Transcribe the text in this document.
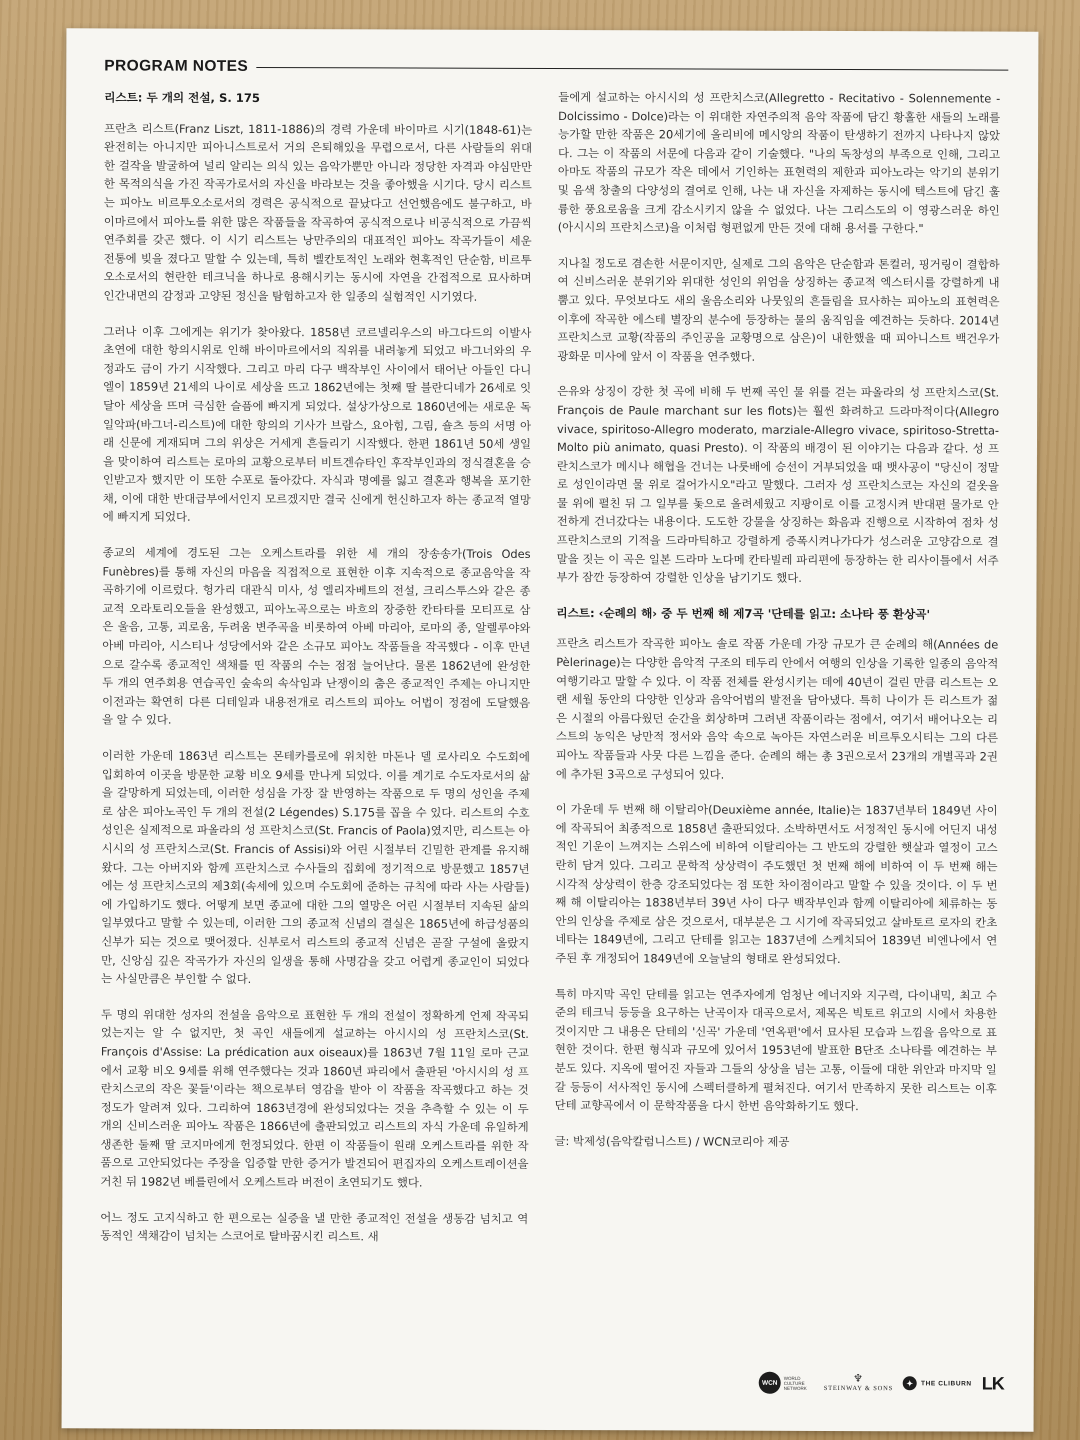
PROGRAM NOTES
리스트: 두 개의 전설, S. 175

프란츠 리스트(Franz Liszt, 1811-1886)의 경력 가운데 바이마르 시기(1848-61)는 완전히는 아니지만 피아니스트로서 거의 은퇴해있을 무렵으로서, 다른 사람들의 위대한 걸작을 발굴하여 널리 알리는 의식 있는 음악가뿐만 아니라 정당한 자격과 야심만만한 목적의식을 가진 작곡가로서의 자신을 바라보는 것을 좋아했을 시기다. 당시 리스트는 피아노 비르투오소로서의 경력은 공식적으로 끝났다고 선언했음에도 불구하고, 바이마르에서 피아노를 위한 많은 작품들을 작곡하여 공식적으로나 비공식적으로 가끔씩 연주회를 갖곤 했다. 이 시기 리스트는 낭만주의의 대표적인 피아노 작곡가들이 세운 전통에 빚을 졌다고 말할 수 있는데, 특히 벨칸토적인 노래와 현혹적인 단순함, 비르투오소로서의 현란한 테크닉을 하나로 용해시키는 동시에 자연을 간접적으로 묘사하며 인간내면의 감정과 고양된 정신을 탐험하고자 한 일종의 실험적인 시기였다.

그러나 이후 그에게는 위기가 찾아왔다. 1858년 코르넬리우스의 바그다드의 이발사 초연에 대한 항의시위로 인해 바이마르에서의 직위를 내려놓게 되었고 바그너와의 우정과도 금이 가기 시작했다. 그리고 마리 다구 백작부인 사이에서 태어난 아들인 다니엘이 1859년 21세의 나이로 세상을 뜨고 1862년에는 첫째 딸 블란디네가 26세로 잇달아 세상을 뜨며 극심한 슬픔에 빠지게 되었다. 설상가상으로 1860년에는 새로운 독일악파(바그너-리스트)에 대한 항의의 기사가 브람스, 요아힘, 그림, 숄츠 등의 서명 아래 신문에 게재되며 그의 위상은 거세게 흔들리기 시작했다. 한편 1861년 50세 생일을 맞이하여 리스트는 로마의 교황으로부터 비트겐슈타인 후작부인과의 정식결혼을 승인받고자 했지만 이 또한 수포로 돌아갔다. 자식과 명예를 잃고 결혼과 행복을 포기한 채, 이에 대한 반대급부에서인지 모르겠지만 결국 신에게 헌신하고자 하는 종교적 열망에 빠지게 되었다.

종교의 세계에 경도된 그는 오케스트라를 위한 세 개의 장송송가(Trois Odes Funèbres)를 통해 자신의 마음을 직접적으로 표현한 이후 지속적으로 종교음악을 작곡하기에 이르렀다. 헝가리 대관식 미사, 성 엘리자베트의 전설, 크리스투스와 같은 종교적 오라토리오들을 완성했고, 피아노곡으로는 바흐의 장중한 칸타타를 모티프로 삼은 울음, 고통, 괴로움, 두려움 변주곡을 비롯하여 아베 마리아, 로마의 종, 알렐루야와 아베 마리아, 시스티나 성당에서와 같은 소규모 피아노 작품들을 작곡했다 - 이후 만년으로 갈수록 종교적인 색채를 띤 작품의 수는 점점 늘어난다. 물론 1862년에 완성한 두 개의 연주회용 연습곡인 숲속의 속삭임과 난쟁이의 춤은 종교적인 주제는 아니지만 이전과는 확연히 다른 디테일과 내용전개로 리스트의 피아노 어법이 정점에 도달했음을 알 수 있다.

이러한 가운데 1863년 리스트는 몬테카를로에 위치한 마돈나 델 로사리오 수도회에 입회하여 이곳을 방문한 교황 비오 9세를 만나게 되었다. 이를 계기로 수도자로서의 삶을 갈망하게 되었는데, 이러한 성심을 가장 잘 반영하는 작품으로 두 명의 성인을 주제로 삼은 피아노곡인 두 개의 전설(2 Légendes) S.175를 꼽을 수 있다. 리스트의 수호성인은 실제적으로 파올라의 성 프란치스코(St. Francis of Paola)였지만, 리스트는 아시시의 성 프란치스코(St. Francis of Assisi)와 어린 시절부터 긴밀한 관계를 유지해왔다. 그는 아버지와 함께 프란치스코 수사들의 집회에 정기적으로 방문했고 1857년에는 성 프란치스코의 제3회(속세에 있으며 수도회에 준하는 규칙에 따라 사는 사람들)에 가입하기도 했다. 어떻게 보면 종교에 대한 그의 열망은 어린 시절부터 지속된 삶의 일부였다고 말할 수 있는데, 이러한 그의 종교적 신념의 결실은 1865년에 하급성품의 신부가 되는 것으로 맺어졌다. 신부로서 리스트의 종교적 신념은 곧잘 구설에 올랐지만, 신앙심 깊은 작곡가가 자신의 일생을 통해 사명감을 갖고 어렵게 종교인이 되었다는 사실만큼은 부인할 수 없다.

두 명의 위대한 성자의 전설을 음악으로 표현한 두 개의 전설이 정확하게 언제 작곡되었는지는 알 수 없지만, 첫 곡인 새들에게 설교하는 아시시의 성 프란치스코(St. François d'Assise: La prédication aux oiseaux)를 1863년 7월 11일 로마 근교에서 교황 비오 9세를 위해 연주했다는 것과 1860년 파리에서 출판된 '아시시의 성 프란치스코의 작은 꽃들'이라는 책으로부터 영감을 받아 이 작품을 작곡했다고 하는 것 정도가 알려져 있다. 그리하여 1863년경에 완성되었다는 것을 추측할 수 있는 이 두 개의 신비스러운 피아노 작품은 1866년에 출판되었고 리스트의 자식 가운데 유일하게 생존한 둘째 딸 코지마에게 헌정되었다. 한편 이 작품들이 원래 오케스트라를 위한 작품으로 고안되었다는 주장을 입증할 만한 증거가 발견되어 편집자의 오케스트레이션을 거친 뒤 1982년 베를린에서 오케스트라 버전이 초연되기도 했다.

어느 정도 고지식하고 한 편으로는 실증을 낼 만한 종교적인 전설을 생동감 넘치고 역동적인 색채감이 넘치는 스코어로 탈바꿈시킨 리스트. 새

들에게 설교하는 아시시의 성 프란치스코(Allegretto - Recitativo - Solennemente - Dolcissimo - Dolce)라는 이 위대한 자연주의적 음악 작품에 담긴 황홀한 새들의 노래를 능가할 만한 작품은 20세기에 올리비에 메시앙의 작품이 탄생하기 전까지 나타나지 않았다. 그는 이 작품의 서문에 다음과 같이 기술했다. "나의 독창성의 부족으로 인해, 그리고 아마도 작품의 규모가 작은 데에서 기인하는 표현력의 제한과 피아노라는 악기의 분위기 및 음색 창출의 다양성의 결여로 인해, 나는 내 자신을 자제하는 동시에 텍스트에 담긴 훌륭한 풍요로움을 크게 감소시키지 않을 수 없었다. 나는 그리스도의 이 영광스러운 하인(아시시의 프란치스코)을 이처럼 형편없게 만든 것에 대해 용서를 구한다."

지나칠 정도로 겸손한 서문이지만, 실제로 그의 음악은 단순함과 톤컬러, 핑거링이 결합하여 신비스러운 분위기와 위대한 성인의 위엄을 상징하는 종교적 엑스터시를 강렬하게 내뿜고 있다. 무엇보다도 새의 울음소리와 나뭇잎의 흔들림을 묘사하는 피아노의 표현력은 이후에 작곡한 에스테 별장의 분수에 등장하는 물의 움직임을 예견하는 듯하다. 2014년 프란치스코 교황(작품의 주인공을 교황명으로 삼은)이 내한했을 때 피아니스트 백건우가 광화문 미사에 앞서 이 작품을 연주했다.

은유와 상징이 강한 첫 곡에 비해 두 번째 곡인 물 위를 걷는 파올라의 성 프란치스코(St. François de Paule marchant sur les flots)는 훨씬 화려하고 드라마적이다(Allegro vivace, spiritoso-Allegro moderato, marziale-Allegro vivace, spiritoso-Stretta-Molto più animato, quasi Presto). 이 작품의 배경이 된 이야기는 다음과 같다. 성 프란치스코가 메시나 해협을 건너는 나룻배에 승선이 거부되었을 때 뱃사공이 "당신이 정말로 성인이라면 물 위로 걸어가시오"라고 말했다. 그러자 성 프란치스코는 자신의 겉옷을 물 위에 펼친 뒤 그 일부를 돛으로 올려세웠고 지팡이로 이를 고정시켜 반대편 물가로 안전하게 건너갔다는 내용이다. 도도한 강물을 상징하는 화음과 진행으로 시작하여 점차 성 프란치스코의 기적을 드라마틱하고 강렬하게 증폭시켜나가다가 성스러운 고양감으로 결말을 짓는 이 곡은 일본 드라마 노다메 칸타빌레 파리편에 등장하는 한 리사이틀에서 서주부가 잠깐 등장하여 강렬한 인상을 남기기도 했다.

리스트: ‹순례의 해› 중 두 번째 해 제7곡 '단테를 읽고: 소나타 풍 환상곡'

프란츠 리스트가 작곡한 피아노 솔로 작품 가운데 가장 규모가 큰 순례의 해(Années de Pèlerinage)는 다양한 음악적 구조의 테두리 안에서 여행의 인상을 기록한 일종의 음악적 여행기라고 말할 수 있다. 이 작품 전체를 완성시키는 데에 40년이 걸린 만큼 리스트는 오랜 세월 동안의 다양한 인상과 음악어법의 발전을 담아냈다. 특히 나이가 든 리스트가 젊은 시절의 아름다웠던 순간을 회상하며 그려낸 작품이라는 점에서, 여기서 배어나오는 리스트의 농익은 낭만적 정서와 음악 속으로 녹아든 자연스러운 비르투오시티는 그의 다른 피아노 작품들과 사뭇 다른 느낌을 준다. 순례의 해는 총 3권으로서 23개의 개별곡과 2권에 추가된 3곡으로 구성되어 있다.

이 가운데 두 번째 해 이탈리아(Deuxième année, Italie)는 1837년부터 1849년 사이에 작곡되어 최종적으로 1858년 출판되었다. 소박하면서도 서정적인 동시에 어딘지 내성적인 기운이 느껴지는 스위스에 비하여 이탈리아는 그 반도의 강렬한 햇살과 열정이 고스란히 담겨 있다. 그리고 문학적 상상력이 주도했던 첫 번째 해에 비하여 이 두 번째 해는 시각적 상상력이 한층 강조되었다는 점 또한 차이점이라고 말할 수 있을 것이다. 이 두 번째 해 이탈리아는 1838년부터 39년 사이 다구 백작부인과 함께 이탈리아에 체류하는 동안의 인상을 주제로 삼은 것으로서, 대부분은 그 시기에 작곡되었고 살바토르 로자의 칸초네타는 1849년에, 그리고 단테를 읽고는 1837년에 스케치되어 1839년 비엔나에서 연주된 후 개정되어 1849년에 오늘날의 형태로 완성되었다.

특히 마지막 곡인 단테를 읽고는 연주자에게 엄청난 에너지와 지구력, 다이내믹, 최고 수준의 테크닉 등등을 요구하는 난곡이자 대곡으로서, 제목은 빅토르 위고의 시에서 차용한 것이지만 그 내용은 단테의 '신곡' 가운데 '연옥편'에서 묘사된 모습과 느낌을 음악으로 표현한 것이다. 한편 형식과 규모에 있어서 1953년에 발표한 B단조 소나타를 예견하는 부분도 있다. 지옥에 떨어진 자들과 그들의 상상을 넘는 고통, 이들에 대한 위안과 마지막 일갈 등등이 서사적인 동시에 스펙터클하게 펼쳐진다. 여기서 만족하지 못한 리스트는 이후 단테 교향곡에서 이 문학작품을 다시 한번 음악화하기도 했다.

글: 박제성(음악칼럼니스트) / WCN코리아 제공
WCN
WORLD CULTURE NETWORK
♆
STEINWAY & SONS
✦	THE CLIBURN LK
